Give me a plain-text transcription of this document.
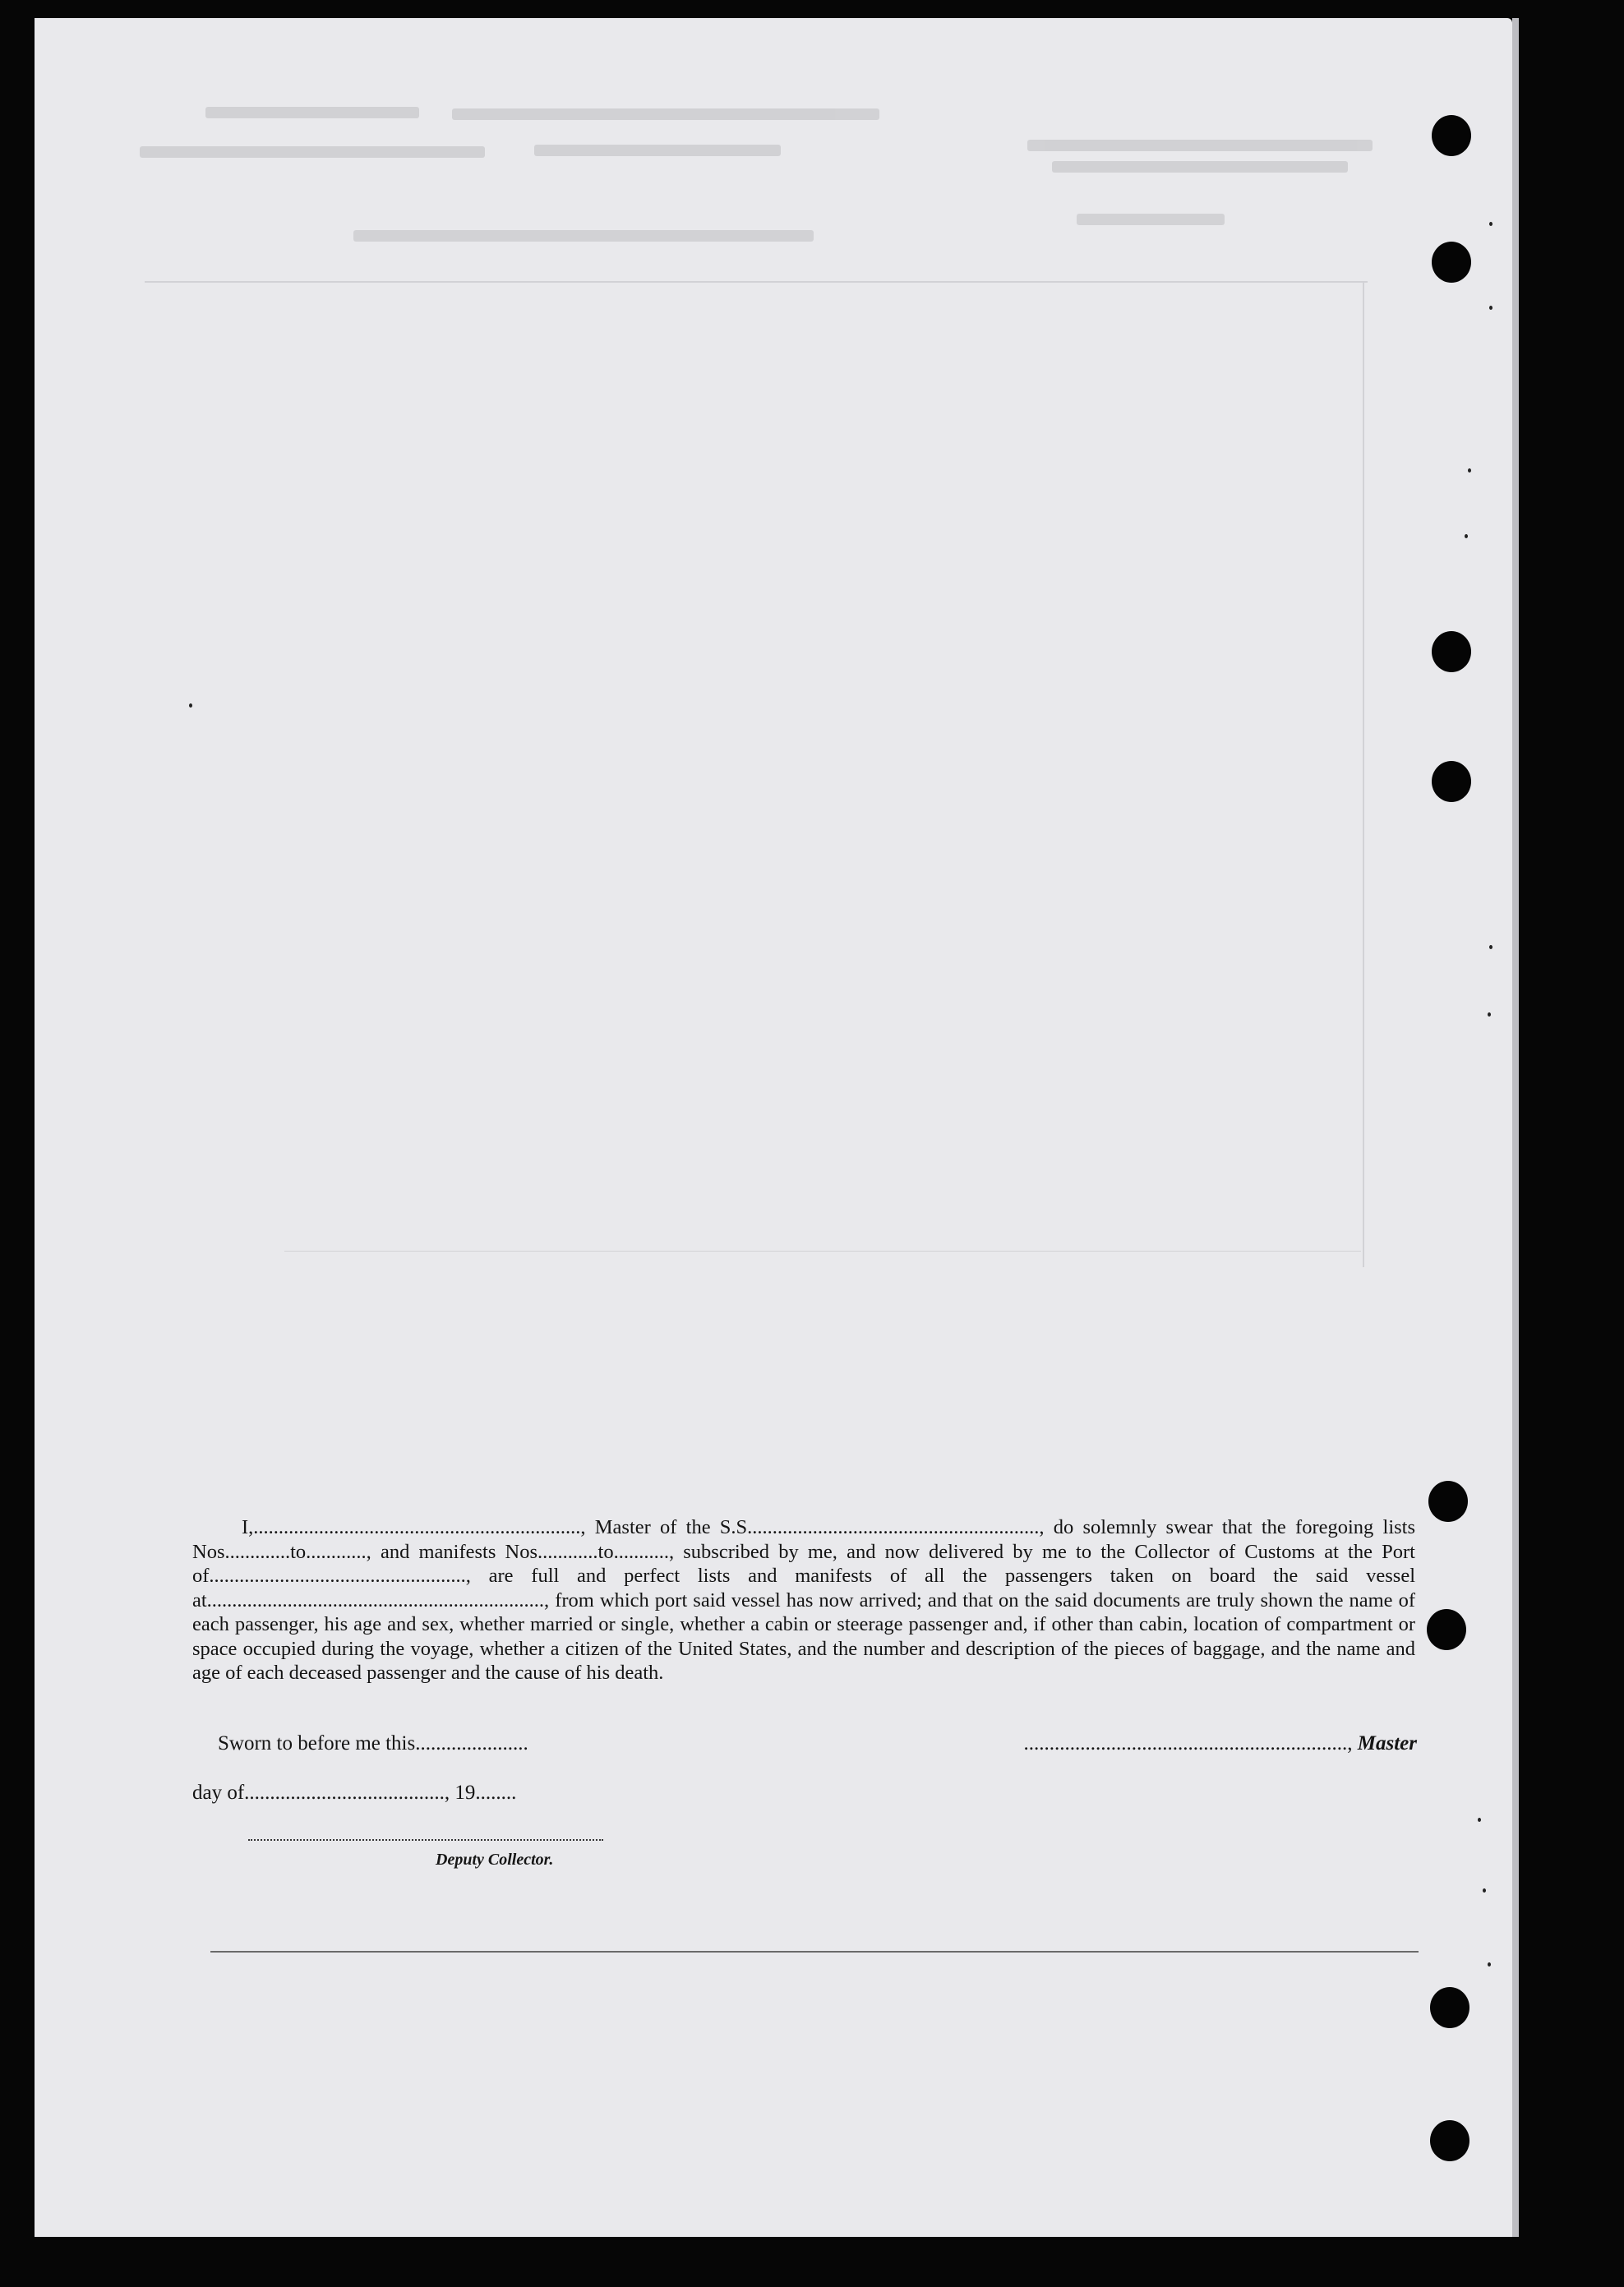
I,................................................................., Master of the S.S.........................................................., do solemnly swear that the foregoing lists Nos.............to............, and manifests Nos............to..........., subscribed by me, and now delivered by me to the Collector of Customs at the Port of..................................................., are full and perfect lists and manifests of all the passengers taken on board the said vessel at..................................................................., from which port said vessel has now arrived; and that on the said documents are truly shown the name of each passenger, his age and sex, whether married or single, whether a cabin or steerage passenger and, if other than cabin, location of compartment or space occupied during the voyage, whether a citizen of the United States, and the number and description of the pieces of baggage, and the name and age of each deceased passenger and the cause of his death.

Sworn to before me this......................
day of......................................., 19........
..............................................................., Master
Deputy Collector.
